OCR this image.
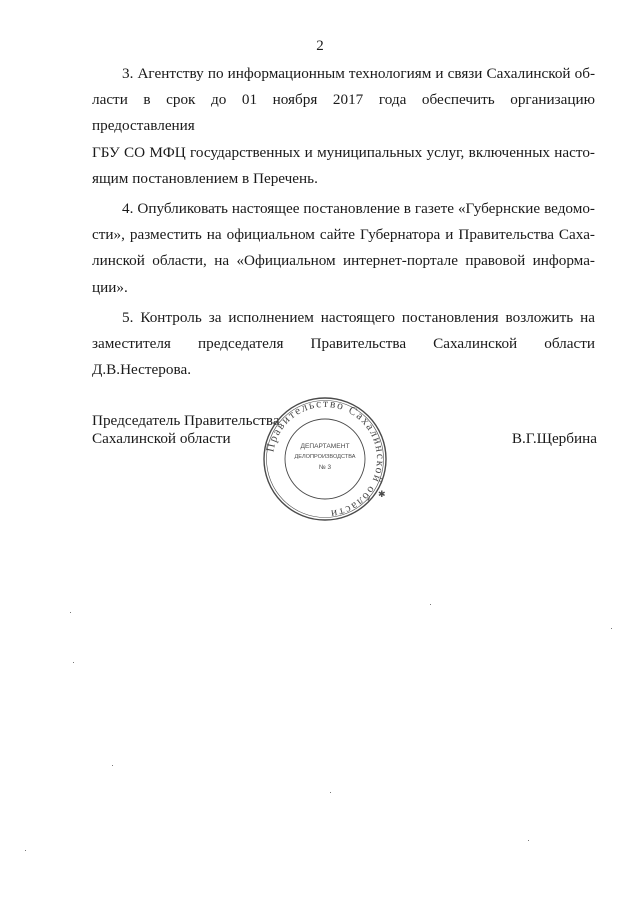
2
3. Агентству по информационным технологиям и связи Сахалинской об-
ласти в срок до 01 ноября 2017 года обеспечить организацию предоставления
ГБУ СО МФЦ государственных и муниципальных услуг, включенных насто-
ящим постановлением в Перечень.
4. Опубликовать настоящее постановление в газете «Губернские ведомо-
сти», разместить на официальном сайте Губернатора и Правительства Саха-
линской области, на «Официальном интернет-портале правовой информа-
ции».
5. Контроль за исполнением настоящего постановления возложить на
заместителя председателя Правительства Сахалинской области
Д.В.Нестерова.
Председатель Правительства
Сахалинской области	В.Г.Щербина
Правительство Сахалинской области
✱
ДЕПАРТАМЕНТ
ДЕЛОПРОИЗВОДСТВА
№ 3
